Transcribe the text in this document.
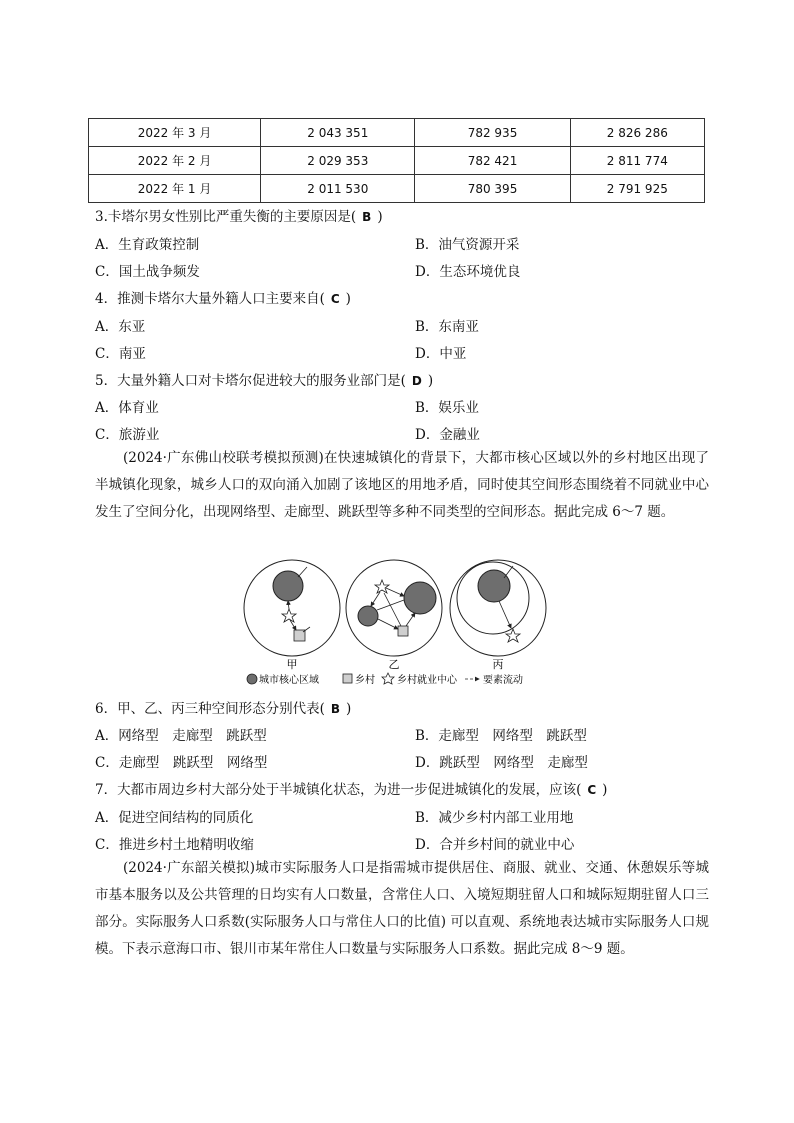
2022 年 3 月	2 043 351	782 935	2 826 286
2022 年 2 月	2 029 353	782 421	2 811 774
2022 年 1 月	2 011 530	780 395	2 791 925
3.卡塔尔男女性别比严重失衡的主要原因是( B )
A．生育政策控制	B．油气资源开采
C．国土战争频发	D．生态环境优良
4．推测卡塔尔大量外籍人口主要来自( C )
A．东亚	B．东南亚
C．南亚	D．中亚
5．大量外籍人口对卡塔尔促进较大的服务业部门是( D )
A．体育业	B．娱乐业
C．旅游业	D．金融业
(2024·广东佛山校联考模拟预测)在快速城镇化的背景下，大都市核心区域以外的乡村地区出现了半城镇化现象，城乡人口的双向涌入加剧了该地区的用地矛盾，同时使其空间形态围绕着不同就业中心发生了空间分化，出现网络型、走廊型、跳跃型等多种不同类型的空间形态。据此完成 6～7 题。
甲	乙	丙
城市核心区域	乡村 乡村就业中心	要素流动
6．甲、乙、丙三种空间形态分别代表( B )
A．网络型　走廊型　跳跃型	B．走廊型　网络型　跳跃型
C．走廊型　跳跃型　网络型	D．跳跃型　网络型　走廊型
7．大都市周边乡村大部分处于半城镇化状态，为进一步促进城镇化的发展，应该( C )
A．促进空间结构的同质化	B．减少乡村内部工业用地
C．推进乡村土地精明收缩	D．合并乡村间的就业中心
(2024·广东韶关模拟)城市实际服务人口是指需城市提供居住、商服、就业、交通、休憩娱乐等城市基本服务以及公共管理的日均实有人口数量，含常住人口、入境短期驻留人口和城际短期驻留人口三部分。实际服务人口系数(实际服务人口与常住人口的比值) 可以直观、系统地表达城市实际服务人口规模。下表示意海口市、银川市某年常住人口数量与实际服务人口系数。据此完成 8～9 题。
